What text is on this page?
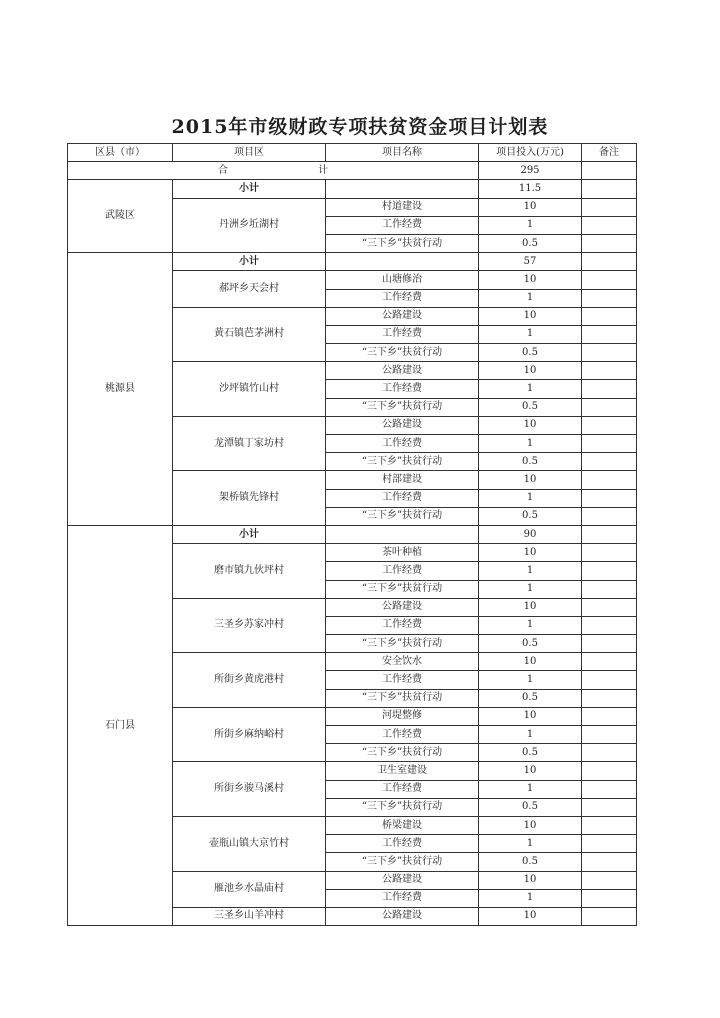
2015年市级财政专项扶贫资金项目计划表
区县（市）	项目区	项目名称	项目投入(万元)	备注
合 计			295	
武陵区	小计		11.5	
	丹洲乡坵湖村	村道建设	10	
		工作经费	1	
		“三下乡”扶贫行动	0.5	
桃源县	小计		57	
	郝坪乡天会村	山塘修治	10	
		工作经费	1	
	黄石镇芭茅洲村	公路建设	10	
		工作经费	1	
		“三下乡”扶贫行动	0.5	
	沙坪镇竹山村	公路建设	10	
		工作经费	1	
		“三下乡”扶贫行动	0.5	
	龙潭镇丁家坊村	公路建设	10	
		工作经费	1	
		“三下乡”扶贫行动	0.5	
	架桥镇先锋村	村部建设	10	
		工作经费	1	
		“三下乡”扶贫行动	0.5	
石门县	小计		90	
	磨市镇九伙坪村	茶叶种植	10	
		工作经费	1	
		“三下乡”扶贫行动	1	
	三圣乡苏家冲村	公路建设	10	
		工作经费	1	
		“三下乡”扶贫行动	0.5	
	所街乡黄虎港村	安全饮水	10	
		工作经费	1	
		“三下乡”扶贫行动	0.5	
	所街乡麻纳峪村	河堤整修	10	
		工作经费	1	
		“三下乡”扶贫行动	0.5	
	所街乡骏马溪村	卫生室建设	10	
		工作经费	1	
		“三下乡”扶贫行动	0.5	
	壶瓶山镇大京竹村	桥梁建设	10	
		工作经费	1	
		“三下乡”扶贫行动	0.5	
	雁池乡水晶庙村	公路建设	10	
		工作经费	1	
	三圣乡山羊冲村	公路建设	10	
